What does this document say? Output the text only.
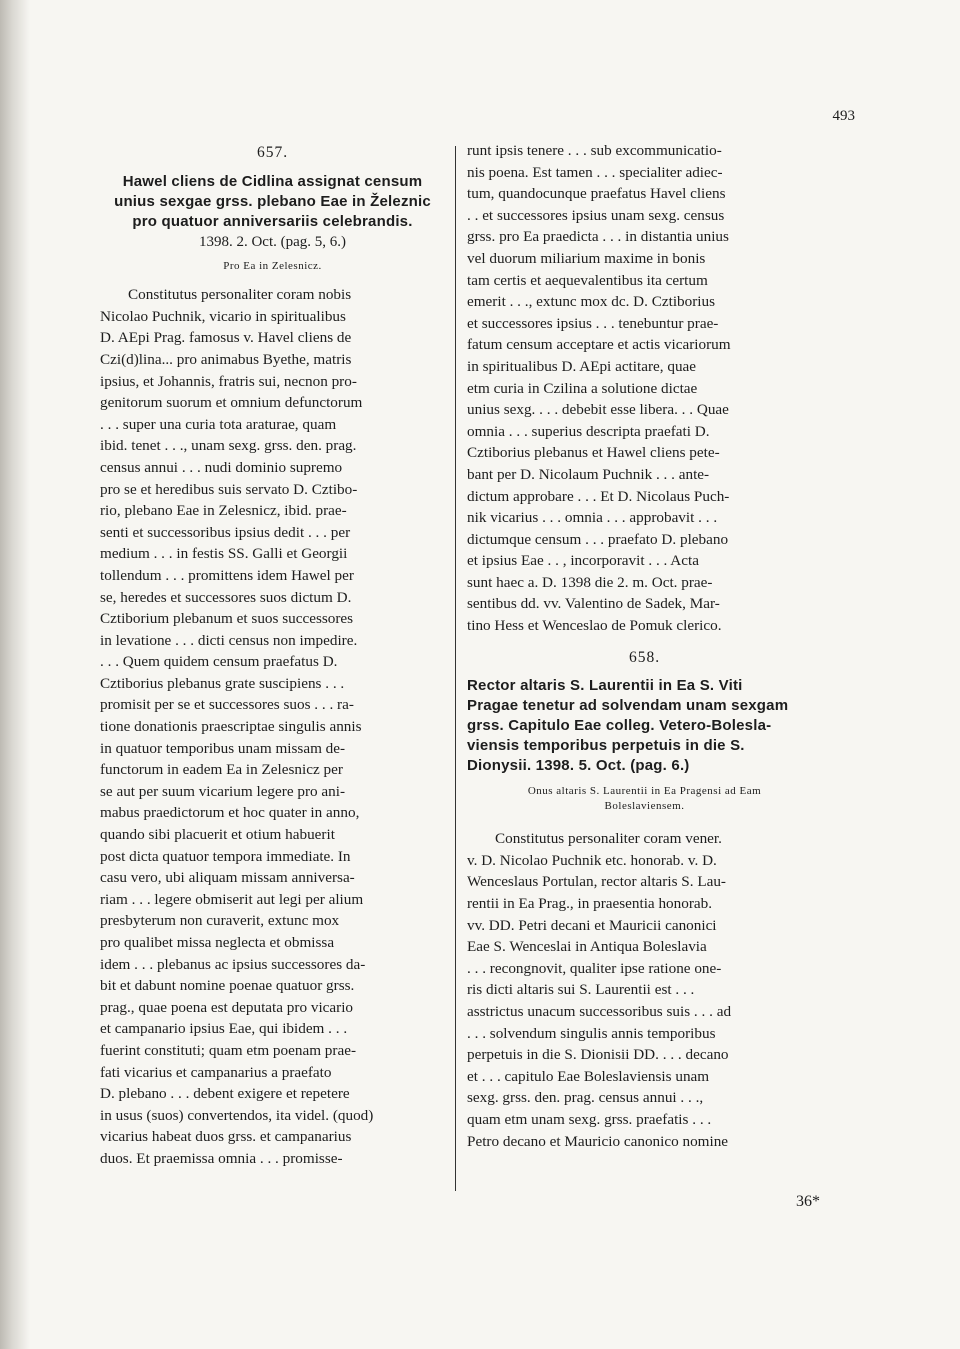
493
657.
Hawel cliens de Cidlina assignat censum
unius sexgae grss. plebano Eae in Železnic
pro quatuor anniversariis celebrandis.
1398. 2. Oct. (pag. 5, 6.)
Pro Ea in Zelesnicz.
Constitutus personaliter coram nobis
Nicolao Puchnik, vicario in spiritualibus
D. AEpi Prag. famosus v. Havel cliens de
Czi(d)lina... pro animabus Byethe, matris
ipsius, et Johannis, fratris sui, necnon pro-
genitorum suorum et omnium defunctorum
. . . super una curia tota araturae, quam
ibid. tenet . . ., unam sexg. grss. den. prag.
census annui . . . nudi dominio supremo
pro se et heredibus suis servato D. Cztibo-
rio, plebano Eae in Zelesnicz, ibid. prae-
senti et successoribus ipsius dedit . . . per
medium . . . in festis SS. Galli et Georgii
tollendum . . . promittens idem Hawel per
se, heredes et successores suos dictum D.
Cztiborium plebanum et suos successores
in levatione . . . dicti census non impedire.
. . . Quem quidem censum praefatus D.
Cztiborius plebanus grate suscipiens . . .
promisit per se et successores suos . . . ra-
tione donationis praescriptae singulis annis
in quatuor temporibus unam missam de-
functorum in eadem Ea in Zelesnicz per
se aut per suum vicarium legere pro ani-
mabus praedictorum et hoc quater in anno,
quando sibi placuerit et otium habuerit
post dicta quatuor tempora immediate. In
casu vero, ubi aliquam missam anniversa-
riam . . . legere obmiserit aut legi per alium
presbyterum non curaverit, extunc mox
pro qualibet missa neglecta et obmissa
idem . . . plebanus ac ipsius successores da-
bit et dabunt nomine poenae quatuor grss.
prag., quae poena est deputata pro vicario
et campanario ipsius Eae, qui ibidem . . .
fuerint constituti; quam etm poenam prae-
fati vicarius et campanarius a praefato
D. plebano . . . debent exigere et repetere
in usus (suos) convertendos, ita videl. (quod)
vicarius habeat duos grss. et campanarius
duos. Et praemissa omnia . . . promisse-
runt ipsis tenere . . . sub excommunicatio-
nis poena. Est tamen . . . specialiter adiec-
tum, quandocunque praefatus Havel cliens
. . et successores ipsius unam sexg. census
grss. pro Ea praedicta . . . in distantia unius
vel duorum miliarium maxime in bonis
tam certis et aequevalentibus ita certum
emerit . . ., extunc mox dc. D. Cztiborius
et successores ipsius . . . tenebuntur prae-
fatum censum acceptare et actis vicariorum
in spiritualibus D. AEpi actitare, quae
etm curia in Czilina a solutione dictae
unius sexg. . . . debebit esse libera. . . Quae
omnia . . . superius descripta praefati D.
Cztiborius plebanus et Hawel cliens pete-
bant per D. Nicolaum Puchnik . . . ante-
dictum approbare . . . Et D. Nicolaus Puch-
nik vicarius . . . omnia . . . approbavit . . .
dictumque censum . . . praefato D. plebano
et ipsius Eae . . , incorporavit . . . Acta
sunt haec a. D. 1398 die 2. m. Oct. prae-
sentibus dd. vv. Valentino de Sadek, Mar-
tino Hess et Wenceslao de Pomuk clerico.
658.
Rector altaris S. Laurentii in Ea S. Viti
Pragae tenetur ad solvendam unam sexgam
grss. Capitulo Eae colleg. Vetero-Bolesla-
viensis temporibus perpetuis in die S.
Dionysii. 1398. 5. Oct. (pag. 6.)
Onus altaris S. Laurentii in Ea Pragensi ad Eam
Boleslaviensem.
Constitutus personaliter coram vener.
v. D. Nicolao Puchnik etc. honorab. v. D.
Wenceslaus Portulan, rector altaris S. Lau-
rentii in Ea Prag., in praesentia honorab.
vv. DD. Petri decani et Mauricii canonici
Eae S. Wenceslai in Antiqua Boleslavia
. . . recongnovit, qualiter ipse ratione one-
ris dicti altaris sui S. Laurentii est . . .
asstrictus unacum successoribus suis . . . ad
. . . solvendum singulis annis temporibus
perpetuis in die S. Dionisii DD. . . . decano
et . . . capitulo Eae Boleslaviensis unam
sexg. grss. den. prag. census annui . . .,
quam etm unam sexg. grss. praefatis . . .
Petro decano et Mauricio canonico nomine
36*
